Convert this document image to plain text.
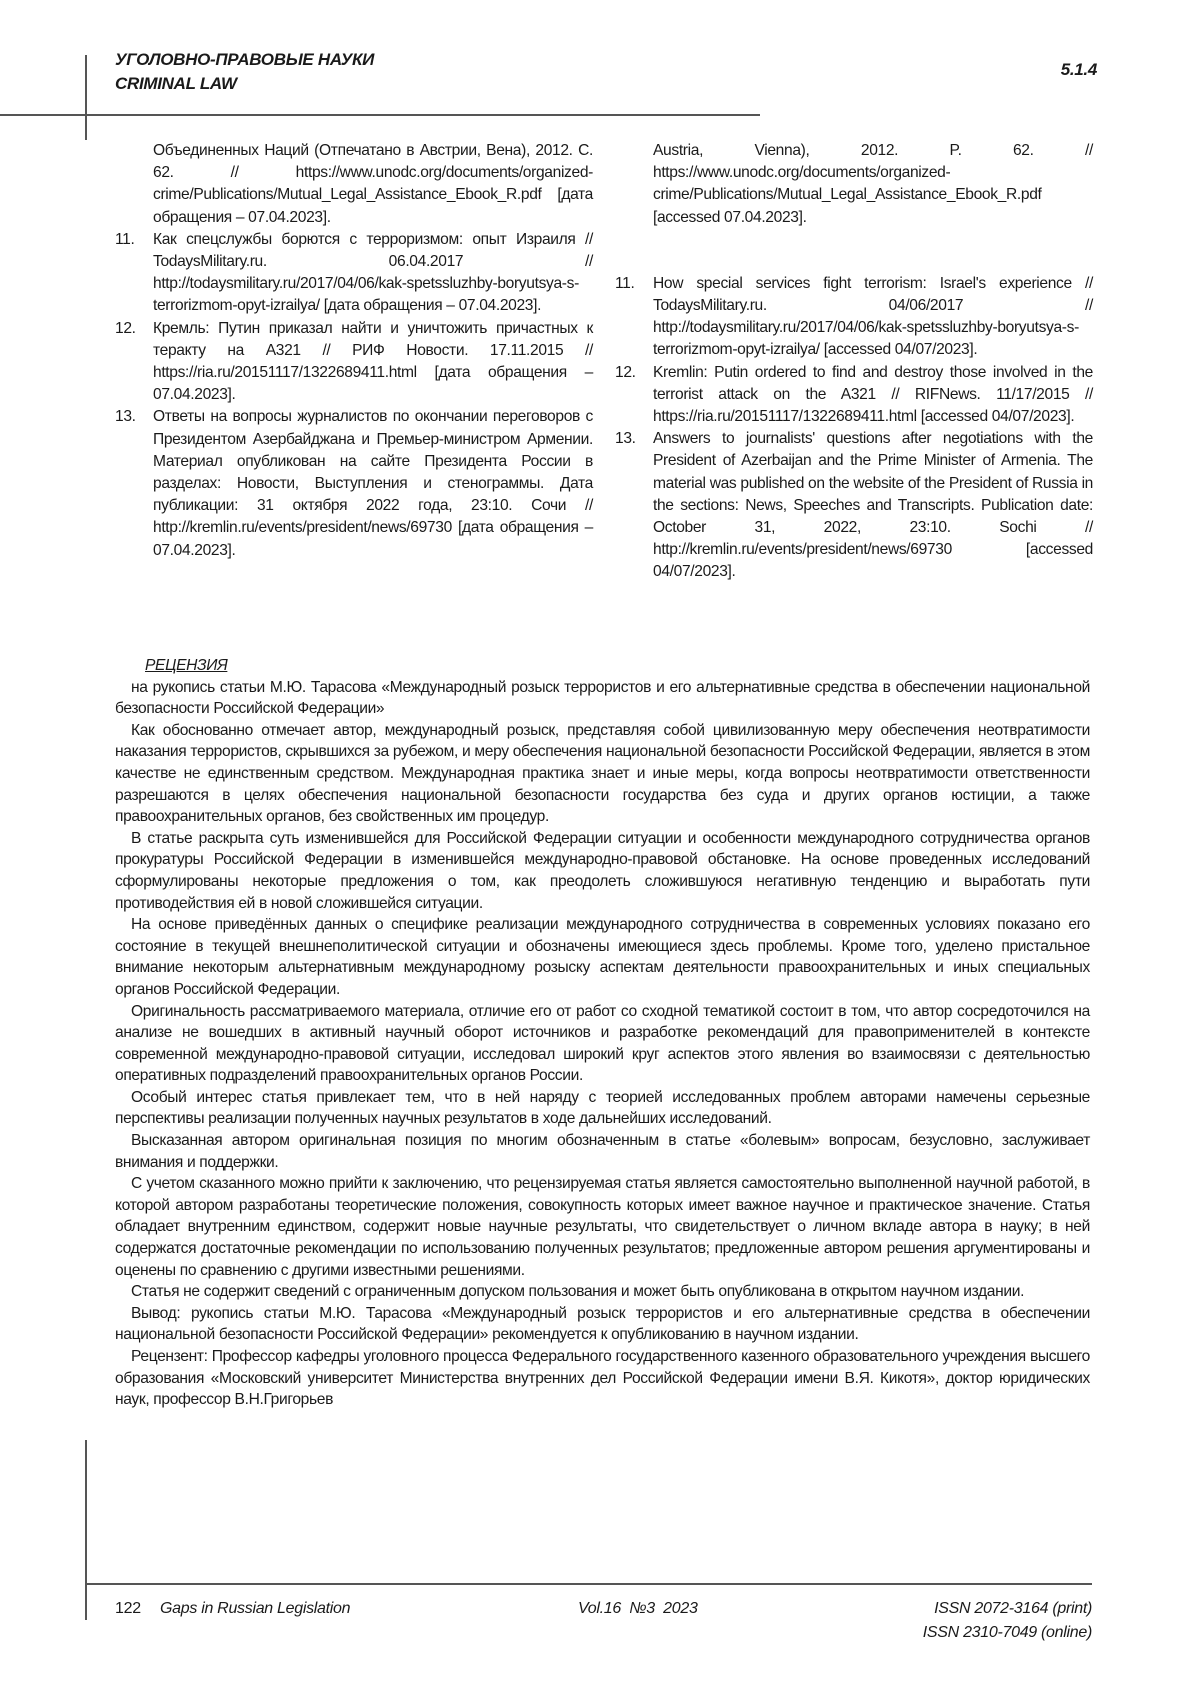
УГОЛОВНО-ПРАВОВЫЕ НАУКИ
CRIMINAL LAW
5.1.4
Объединенных Наций (Отпечатано в Австрии, Вена), 2012. С. 62. // https://www.unodc.org/documents/organized-crime/Publications/Mutual_Legal_Assistance_Ebook_R.pdf [дата обращения – 07.04.2023].
11.	Как спецслужбы борются с терроризмом: опыт Израиля // TodaysMilitary.ru. 06.04.2017 // http://todaysmilitary.ru/2017/04/06/kak-spetssluzhby-boryutsya-s-terrorizmom-opyt-izrailya/ [дата обращения – 07.04.2023].
12.	Кремль: Путин приказал найти и уничтожить причастных к теракту на А321 // РИФ Новости. 17.11.2015 // https://ria.ru/20151117/1322689411.html [дата обращения – 07.04.2023].
13.	Ответы на вопросы журналистов по окончании переговоров с Президентом Азербайджана и Премьер-министром Армении. Материал опубликован на сайте Президента России в разделах: Новости, Выступления и стенограммы. Дата публикации: 31 октября 2022 года, 23:10. Сочи // http://kremlin.ru/events/president/news/69730 [дата обращения – 07.04.2023].
Austria, Vienna), 2012. P. 62. // https://www.unodc.org/documents/organized-crime/Publications/Mutual_Legal_Assistance_Ebook_R.pdf [accessed 07.04.2023].
11.	How special services fight terrorism: Israel's experience // TodaysMilitary.ru. 04/06/2017 // http://todaysmilitary.ru/2017/04/06/kak-spetssluzhby-boryutsya-s-terrorizmom-opyt-izrailya/ [accessed 04/07/2023].
12.	Kremlin: Putin ordered to find and destroy those involved in the terrorist attack on the A321 // RIFNews. 11/17/2015 // https://ria.ru/20151117/1322689411.html [accessed 04/07/2023].
13.	Answers to journalists' questions after negotiations with the President of Azerbaijan and the Prime Minister of Armenia. The material was published on the website of the President of Russia in the sections: News, Speeches and Transcripts. Publication date: October 31, 2022, 23:10. Sochi // http://kremlin.ru/events/president/news/69730 [accessed 04/07/2023].
РЕЦЕНЗИЯ

на рукопись статьи М.Ю. Тарасова «Международный розыск террористов и его альтернативные средства в обеспечении национальной безопасности Российской Федерации»

Как обоснованно отмечает автор, международный розыск, представляя собой цивилизованную меру обеспечения неотвратимости наказания террористов, скрывшихся за рубежом, и меру обеспечения национальной безопасности Российской Федерации, является в этом качестве не единственным средством. Международная практика знает и иные меры, когда вопросы неотвратимости ответственности разрешаются в целях обеспечения национальной безопасности государства без суда и других органов юстиции, а также правоохранительных органов, без свойственных им процедур.

В статье раскрыта суть изменившейся для Российской Федерации ситуации и особенности международного сотрудничества органов прокуратуры Российской Федерации в изменившейся международно-правовой обстановке. На основе проведенных исследований сформулированы некоторые предложения о том, как преодолеть сложившуюся негативную тенденцию и выработать пути противодействия ей в новой сложившейся ситуации.

На основе приведённых данных о специфике реализации международного сотрудничества в современных условиях показано его состояние в текущей внешнеполитической ситуации и обозначены имеющиеся здесь проблемы. Кроме того, уделено пристальное внимание некоторым альтернативным международному розыску аспектам деятельности правоохранительных и иных специальных органов Российской Федерации.

Оригинальность рассматриваемого материала, отличие его от работ со сходной тематикой состоит в том, что автор сосредоточился на анализе не вошедших в активный научный оборот источников и разработке рекомендаций для правоприменителей в контексте современной международно-правовой ситуации, исследовал широкий круг аспектов этого явления во взаимосвязи с деятельностью оперативных подразделений правоохранительных органов России.

Особый интерес статья привлекает тем, что в ней наряду с теорией исследованных проблем авторами намечены серьезные перспективы реализации полученных научных результатов в ходе дальнейших исследований.

Высказанная автором оригинальная позиция по многим обозначенным в статье «болевым» вопросам, безусловно, заслуживает внимания и поддержки.

С учетом сказанного можно прийти к заключению, что рецензируемая статья является самостоятельно выполненной научной работой, в которой автором разработаны теоретические положения, совокупность которых имеет важное научное и практическое значение. Статья обладает внутренним единством, содержит новые научные результаты, что свидетельствует о личном вкладе автора в науку; в ней содержатся достаточные рекомендации по использованию полученных результатов; предложенные автором решения аргументированы и оценены по сравнению с другими известными решениями.

Статья не содержит сведений с ограниченным допуском пользования и может быть опубликована в открытом научном издании.

Вывод: рукопись статьи М.Ю. Тарасова «Международный розыск террористов и его альтернативные средства в обеспечении национальной безопасности Российской Федерации» рекомендуется к опубликованию в научном издании.

Рецензент: Профессор кафедры уголовного процесса Федерального государственного казенного образовательного учреждения высшего образования «Московский университет Министерства внутренних дел Российской Федерации имени В.Я. Кикотя», доктор юридических наук, профессор В.Н.Григорьев

122 Gaps in Russian Legislation	Vol.16  №3  2023	ISSN 2072-3164 (print)
ISSN 2310-7049 (online)
